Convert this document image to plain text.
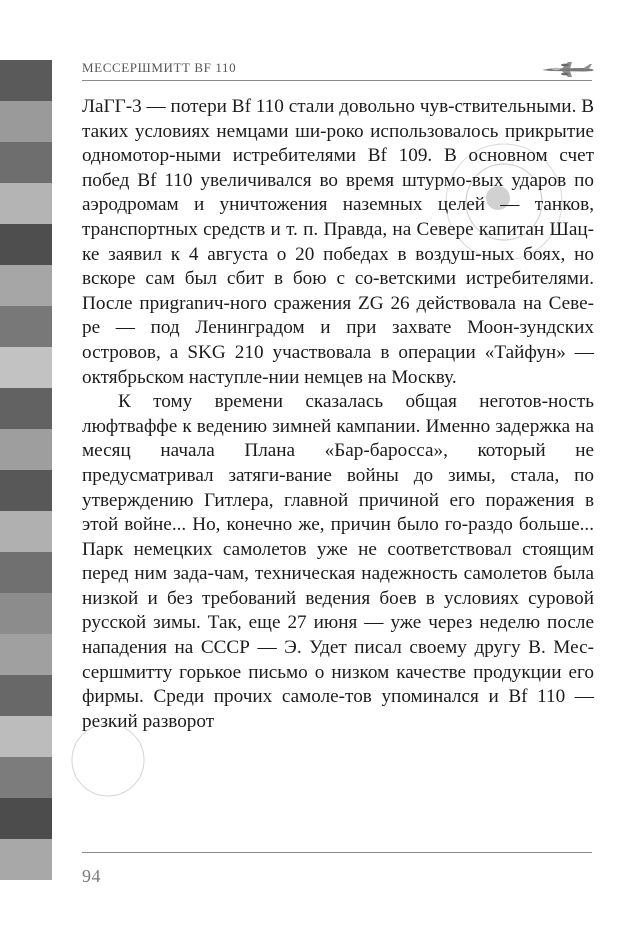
МЕССЕРШМИТТ BF 110

ЛаГГ-3 — потери Bf 110 стали довольно чув-ствительными. В таких условиях немцами ши-роко использовалось прикрытие одномотор-ными истребителями Bf 109. В основном счет побед Bf 110 увеличивался во время штурмо-вых ударов по аэродромам и уничтожения наземных целей — танков, транспортных средств и т. п. Правда, на Севере капитан Шац-ке заявил к 4 августа о 20 победах в воздуш-ных боях, но вскоре сам был сбит в бою с со-ветскими истребителями. После приgranич-ного сражения ZG 26 действовала на Севе-ре — под Ленинградом и при захвате Моон-зундских островов, а SKG 210 участвовала в операции «Тайфун» — октябрьском наступле-нии немцев на Москву.

К тому времени сказалась общая неготов-ность люфтваффе к ведению зимней кампании. Именно задержка на месяц начала Плана «Бар-баросса», который не предусматривал затяги-вание войны до зимы, стала, по утверждению Гитлера, главной причиной его поражения в этой войне... Но, конечно же, причин было го-раздо больше... Парк немецких самолетов уже не соответствовал стоящим перед ним зада-чам, техническая надежность самолетов была низкой и без требований ведения боев в условиях суровой русской зимы. Так, еще 27 июня — уже через неделю после нападения на СССР — Э. Удет писал своему другу В. Мес-сершмитту горькое письмо о низком качестве продукции его фирмы. Среди прочих самоле-тов упоминался и Bf 110 — резкий разворот

94
